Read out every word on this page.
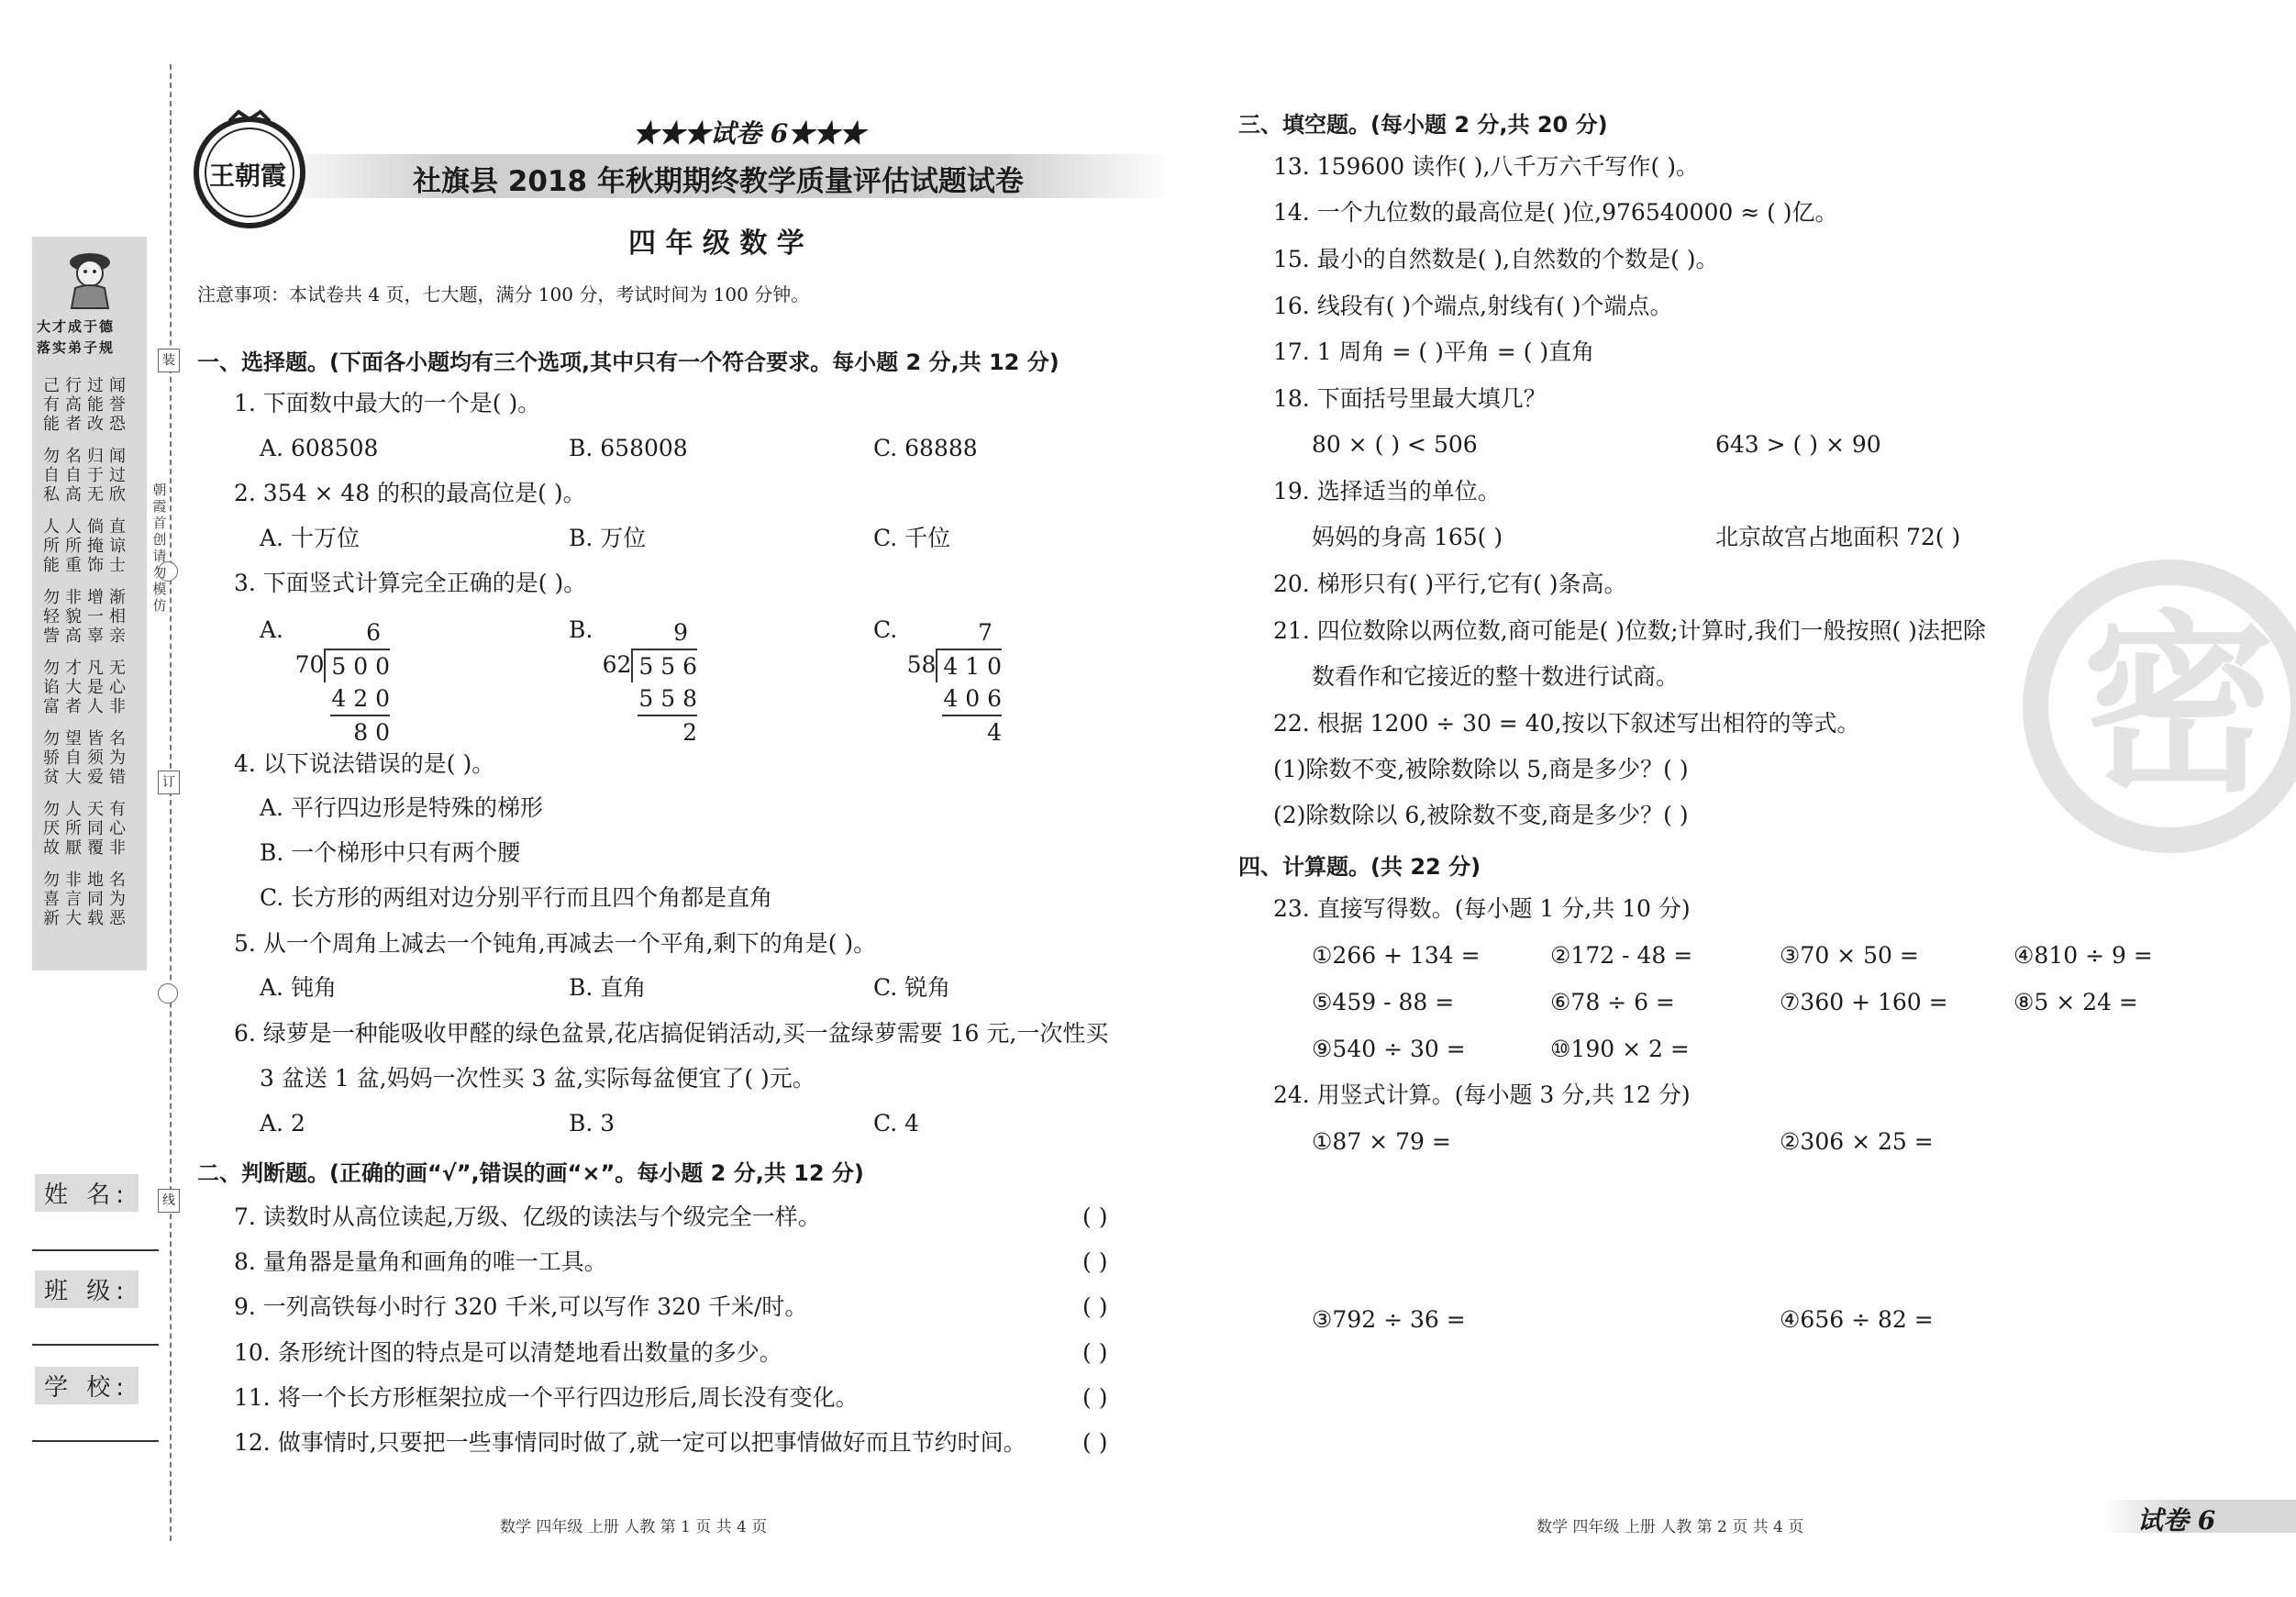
大才成于德
落实弟子规
己行过闻
有高能誉
能者改恐
勿名归闻
自自于过
私高无欣
人人倘直
所所掩谅
能重饰士
勿非增渐
轻貌一相
訾高辜亲
勿才凡无
谄大是心
富者人非
勿望皆名
骄自须为
贫大爱错
勿人天有
厌所同心
故厭覆非
勿非地名
喜言同为
新大载恶
装
订
线
朝霞首创 请勿模仿
姓 名:
班 级:
学 校:
王朝霞
★★★试卷 6★★★
社旗县 2018 年秋期期终教学质量评估试题试卷
四 年 级 数 学
注意事项：本试卷共 4 页，七大题，满分 100 分，考试时间为 100 分钟。
一、选择题。(下面各小题均有三个选项,其中只有一个符合要求。每小题 2 分,共 12 分)
1. 下面数中最大的一个是( )。
A. 608508	B. 658008	C. 68888
2. 354 × 48 的积的最高位是( )。
A. 十万位	B. 万位	C. 千位
3. 下面竖式计算完全正确的是( )。
A.	B.	C.
6
70 5 0 0
4 2 0
8 0
9
62 5 5 6
5 5 8
2
7
58 4 1 0
4 0 6
4
4. 以下说法错误的是( )。
A. 平行四边形是特殊的梯形
B. 一个梯形中只有两个腰
C. 长方形的两组对边分别平行而且四个角都是直角
5. 从一个周角上减去一个钝角,再减去一个平角,剩下的角是( )。
A. 钝角	B. 直角	C. 锐角
6. 绿萝是一种能吸收甲醛的绿色盆景,花店搞促销活动,买一盆绿萝需要 16 元,一次性买
3 盆送 1 盆,妈妈一次性买 3 盆,实际每盆便宜了( )元。
A. 2	B. 3	C. 4
二、判断题。(正确的画“√”,错误的画“×”。每小题 2 分,共 12 分)
7. 读数时从高位读起,万级、亿级的读法与个级完全一样。	( )
8. 量角器是量角和画角的唯一工具。	( )
9. 一列高铁每小时行 320 千米,可以写作 320 千米/时。	( )
10. 条形统计图的特点是可以清楚地看出数量的多少。	( )
11. 将一个长方形框架拉成一个平行四边形后,周长没有变化。	( )
12. 做事情时,只要把一些事情同时做了,就一定可以把事情做好而且节约时间。 ( )
三、填空题。(每小题 2 分,共 20 分)
13. 159600 读作( ),八千万六千写作( )。
14. 一个九位数的最高位是( )位,976540000 ≈ ( )亿。
15. 最小的自然数是( ),自然数的个数是( )。
16. 线段有( )个端点,射线有( )个端点。
17. 1 周角 = ( )平角 = ( )直角
18. 下面括号里最大填几？
80 × ( ) < 506	643 > ( ) × 90
19. 选择适当的单位。
妈妈的身高 165( )	北京故宫占地面积 72( )
20. 梯形只有( )平行,它有( )条高。
21. 四位数除以两位数,商可能是( )位数;计算时,我们一般按照( )法把除
数看作和它接近的整十数进行试商。
22. 根据 1200 ÷ 30 = 40,按以下叙述写出相符的等式。
(1)除数不变,被除数除以 5,商是多少？( )
(2)除数除以 6,被除数不变,商是多少？( )
四、计算题。(共 22 分)
23. 直接写得数。(每小题 1 分,共 10 分)
①266 + 134 =	②172 - 48 =	③70 × 50 =	④810 ÷ 9 =
⑤459 - 88 =	⑥78 ÷ 6 =	⑦360 + 160 =	⑧5 × 24 =
⑨540 ÷ 30 =	⑩190 × 2 =
24. 用竖式计算。(每小题 3 分,共 12 分)
①87 × 79 =	②306 × 25 =
③792 ÷ 36 =	④656 ÷ 82 =
密
数学 四年级 上册 人教 第 1 页 共 4 页	数学 四年级 上册 人教 第 2 页 共 4 页	试卷 6
